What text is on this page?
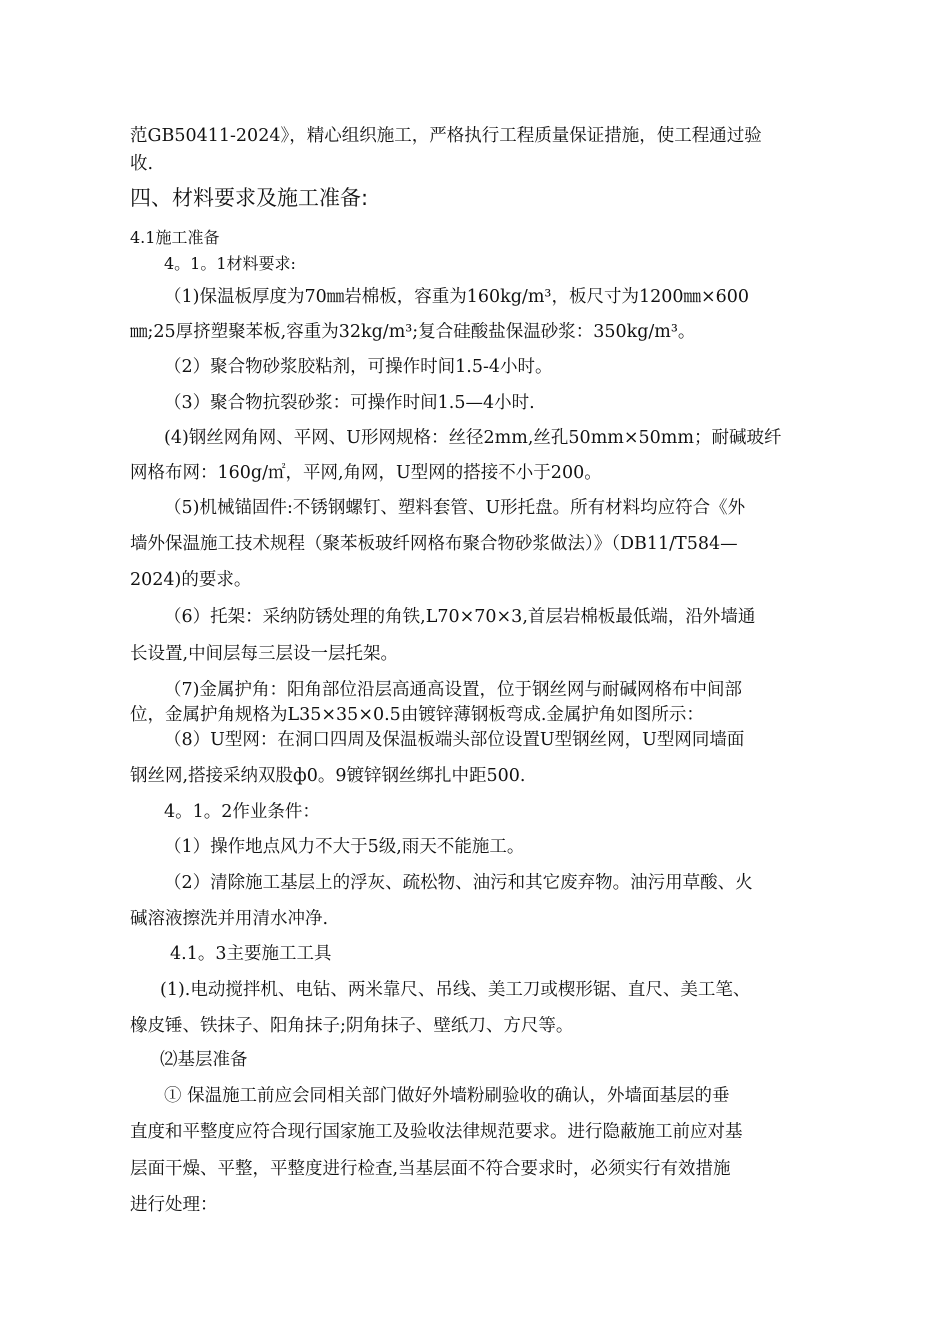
范GB50411-2024》，精心组织施工，严格执行工程质量保证措施，使工程通过验
收.
四、材料要求及施工准备:
4.1施工准备
4。1。1材料要求:
（1)保温板厚度为70㎜岩棉板，容重为160kg/m³，板尺寸为1200㎜×600
㎜;25厚挤塑聚苯板,容重为32kg/m³;复合硅酸盐保温砂浆：350kg/m³。
（2）聚合物砂浆胶粘剂，可操作时间1.5-4小时。
（3）聚合物抗裂砂浆：可操作时间1.5—4小时.
(4)钢丝网角网、平网、U形网规格：丝径2mm,丝孔50mm×50mm；耐碱玻纤
网格布网：160g/㎡，平网,角网，U型网的搭接不小于200。
（5)机械锚固件:不锈钢螺钉、塑料套管、U形托盘。所有材料均应符合《外
墙外保温施工技术规程（聚苯板玻纤网格布聚合物砂浆做法）》（DB11/T584—
2024)的要求。
（6）托架：采纳防锈处理的角铁,L70×70×3,首层岩棉板最低端，沿外墙通
长设置,中间层每三层设一层托架。
（7)金属护角：阳角部位沿层高通高设置，位于钢丝网与耐碱网格布中间部
位，金属护角规格为L35×35×0.5由镀锌薄钢板弯成.金属护角如图所示：
（8）U型网：在洞口四周及保温板端头部位设置U型钢丝网，U型网同墙面
钢丝网,搭接采纳双股ф0。9镀锌钢丝绑扎中距500.
4。1。2作业条件：
（1）操作地点风力不大于5级,雨天不能施工。
（2）清除施工基层上的浮灰、疏松物、油污和其它废弃物。油污用草酸、火
碱溶液擦洗并用清水冲净.
4.1。3主要施工工具
(1).电动搅拌机、电钻、两米靠尺、吊线、美工刀或楔形锯、直尺、美工笔、
橡皮锤、铁抹子、阳角抹子;阴角抹子、壁纸刀、方尺等。
⑵基层准备
① 保温施工前应会同相关部门做好外墙粉刷验收的确认，外墙面基层的垂
直度和平整度应符合现行国家施工及验收法律规范要求。进行隐蔽施工前应对基
层面干燥、平整，平整度进行检查,当基层面不符合要求时，必须实行有效措施
进行处理：
